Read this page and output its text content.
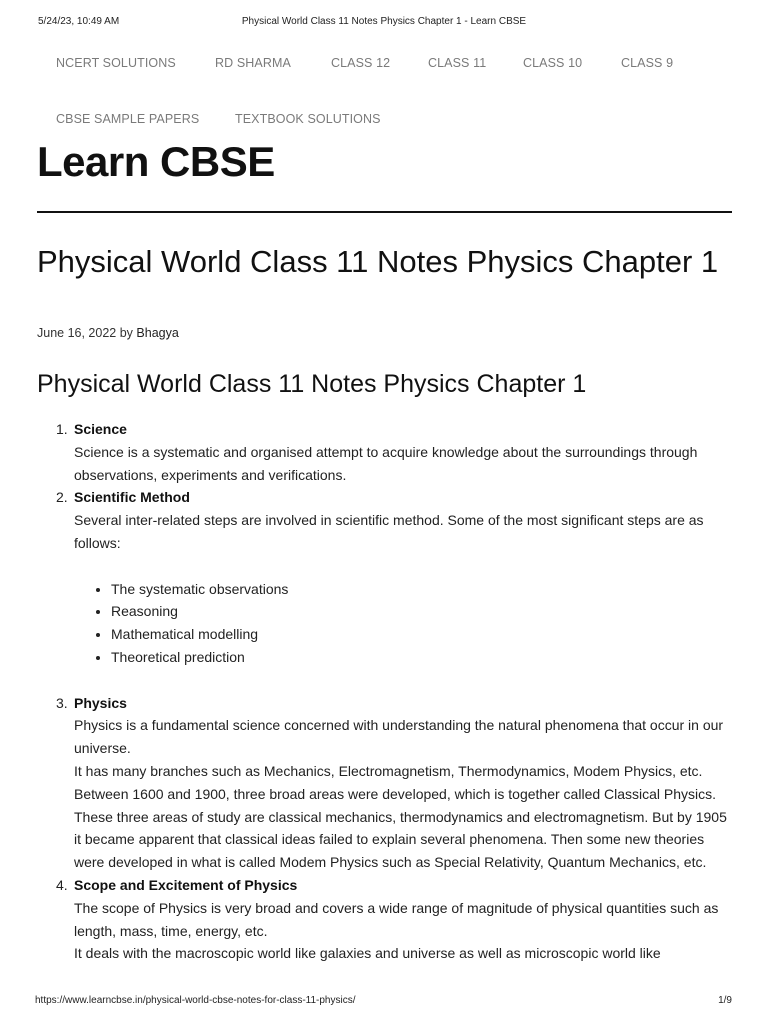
5/24/23, 10:49 AM	Physical World Class 11 Notes Physics Chapter 1 - Learn CBSE
NCERT SOLUTIONS	RD SHARMA	CLASS 12	CLASS 11	CLASS 10	CLASS 9
CBSE SAMPLE PAPERS	TEXTBOOK SOLUTIONS
Learn CBSE
Physical World Class 11 Notes Physics Chapter 1
June 16, 2022 by Bhagya
Physical World Class 11 Notes Physics Chapter 1
1. Science

Science is a systematic and organised attempt to acquire knowledge about the surroundings through observations, experiments and verifications.

2. Scientific Method

Several inter-related steps are involved in scientific method. Some of the most significant steps are as follows:

• The systematic observations
• Reasoning
• Mathematical modelling
• Theoretical prediction
3. Physics

Physics is a fundamental science concerned with understanding the natural phenomena that occur in our universe.

It has many branches such as Mechanics, Electromagnetism, Thermodynamics, Modem Physics, etc.

Between 1600 and 1900, three broad areas were developed, which is together called Classical Physics. These three areas of study are classical mechanics, thermodynamics and electromagnetism. But by 1905 it became apparent that classical ideas failed to explain several phenomena. Then some new theories were developed in what is called Modem Physics such as Special Relativity, Quantum Mechanics, etc.

4. Scope and Excitement of Physics

The scope of Physics is very broad and covers a wide range of magnitude of physical quantities such as length, mass, time, energy, etc.

It deals with the macroscopic world like galaxies and universe as well as microscopic world like

https://www.learncbse.in/physical-world-cbse-notes-for-class-11-physics/	1/9
